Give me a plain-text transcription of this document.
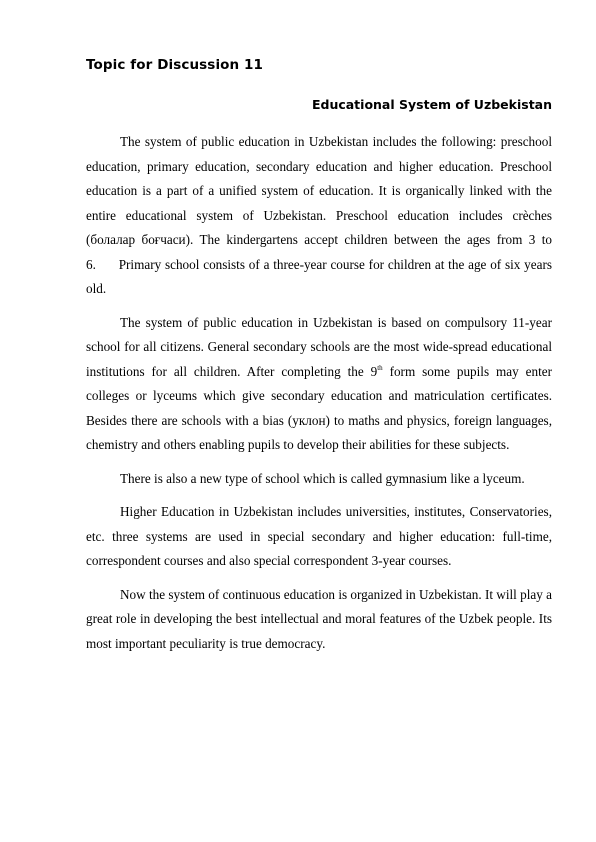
Topic for Discussion 11
Educational System of Uzbekistan

The system of public education in Uzbekistan includes the following: preschool education, primary education, secondary education and higher education. Preschool education is a part of a unified system of education. It is organically linked with the entire educational system of Uzbekistan. Preschool education includes crèches (болалар боғчаси). The kindergartens accept children between the ages from 3 to 6.      Primary school consists of a three-year course for children at the age of six years old.

The system of public education in Uzbekistan is based on compulsory 11-year school for all citizens. General secondary schools are the most wide-spread educational institutions for all children. After completing the 9th form some pupils may enter colleges or lyceums which give secondary education and matriculation certificates. Besides there are schools with a bias (уклон) to maths and physics, foreign languages, chemistry and others enabling pupils to develop their abilities for these subjects.

There is also a new type of school which is called gymnasium like a lyceum.

Higher Education in Uzbekistan includes universities, institutes, Conservatories, etc. three systems are used in special secondary and higher education: full-time, correspondent courses and also special correspondent 3-year courses.

Now the system of continuous education is organized in Uzbekistan. It will play a great role in developing the best intellectual and moral features of the Uzbek people. Its most important peculiarity is true democracy.
